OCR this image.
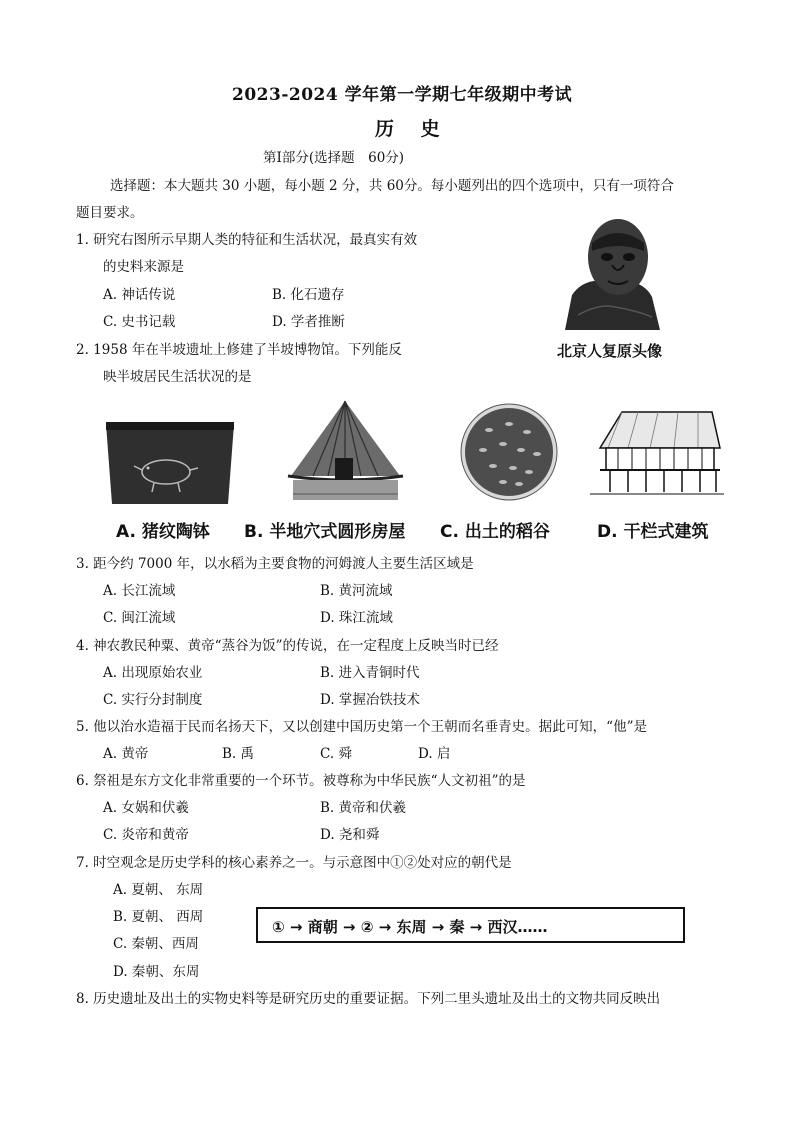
2023-2024 学年第一学期七年级期中考试
历 史
第Ⅰ部分(选择题　60分)
选择题：本大题共 30 小题，每小题 2 分，共 60分。每小题列出的四个选项中，只有一项符合
题目要求。
1. 研究右图所示早期人类的特征和生活状况，最真实有效
的史料来源是
A. 神话传说	B. 化石遗存
C. 史书记载	D. 学者推断
北京人复原头像
2. 1958 年在半坡遗址上修建了半坡博物馆。下列能反
映半坡居民生活状况的是
A. 猪纹陶钵 B. 半地穴式圆形房屋 C. 出土的稻谷	D. 干栏式建筑
3. 距今约 7000 年，以水稻为主要食物的河姆渡人主要生活区域是
A. 长江流域	B. 黄河流域
C. 闽江流域	D. 珠江流域
4. 神农教民种粟、黄帝“蒸谷为饭”的传说，在一定程度上反映当时已经
A. 出现原始农业	B. 进入青铜时代
C. 实行分封制度	D. 掌握冶铁技术
5. 他以治水造福于民而名扬天下，又以创建中国历史第一个王朝而名垂青史。据此可知，“他”是
A. 黄帝	B. 禹	C. 舜	D. 启
6. 祭祖是东方文化非常重要的一个环节。被尊称为中华民族“人文初祖”的是
A. 女娲和伏羲	B. 黄帝和伏羲
C. 炎帝和黄帝	D. 尧和舜
7. 时空观念是历史学科的核心素养之一。与示意图中①②处对应的朝代是
A. 夏朝、 东周
B. 夏朝、 西周
C. 秦朝、西周
D. 秦朝、东周
① → 商朝 → ② → 东周 → 秦 → 西汉……
8. 历史遗址及出土的实物史料等是研究历史的重要证据。下列二里头遗址及出土的文物共同反映出
